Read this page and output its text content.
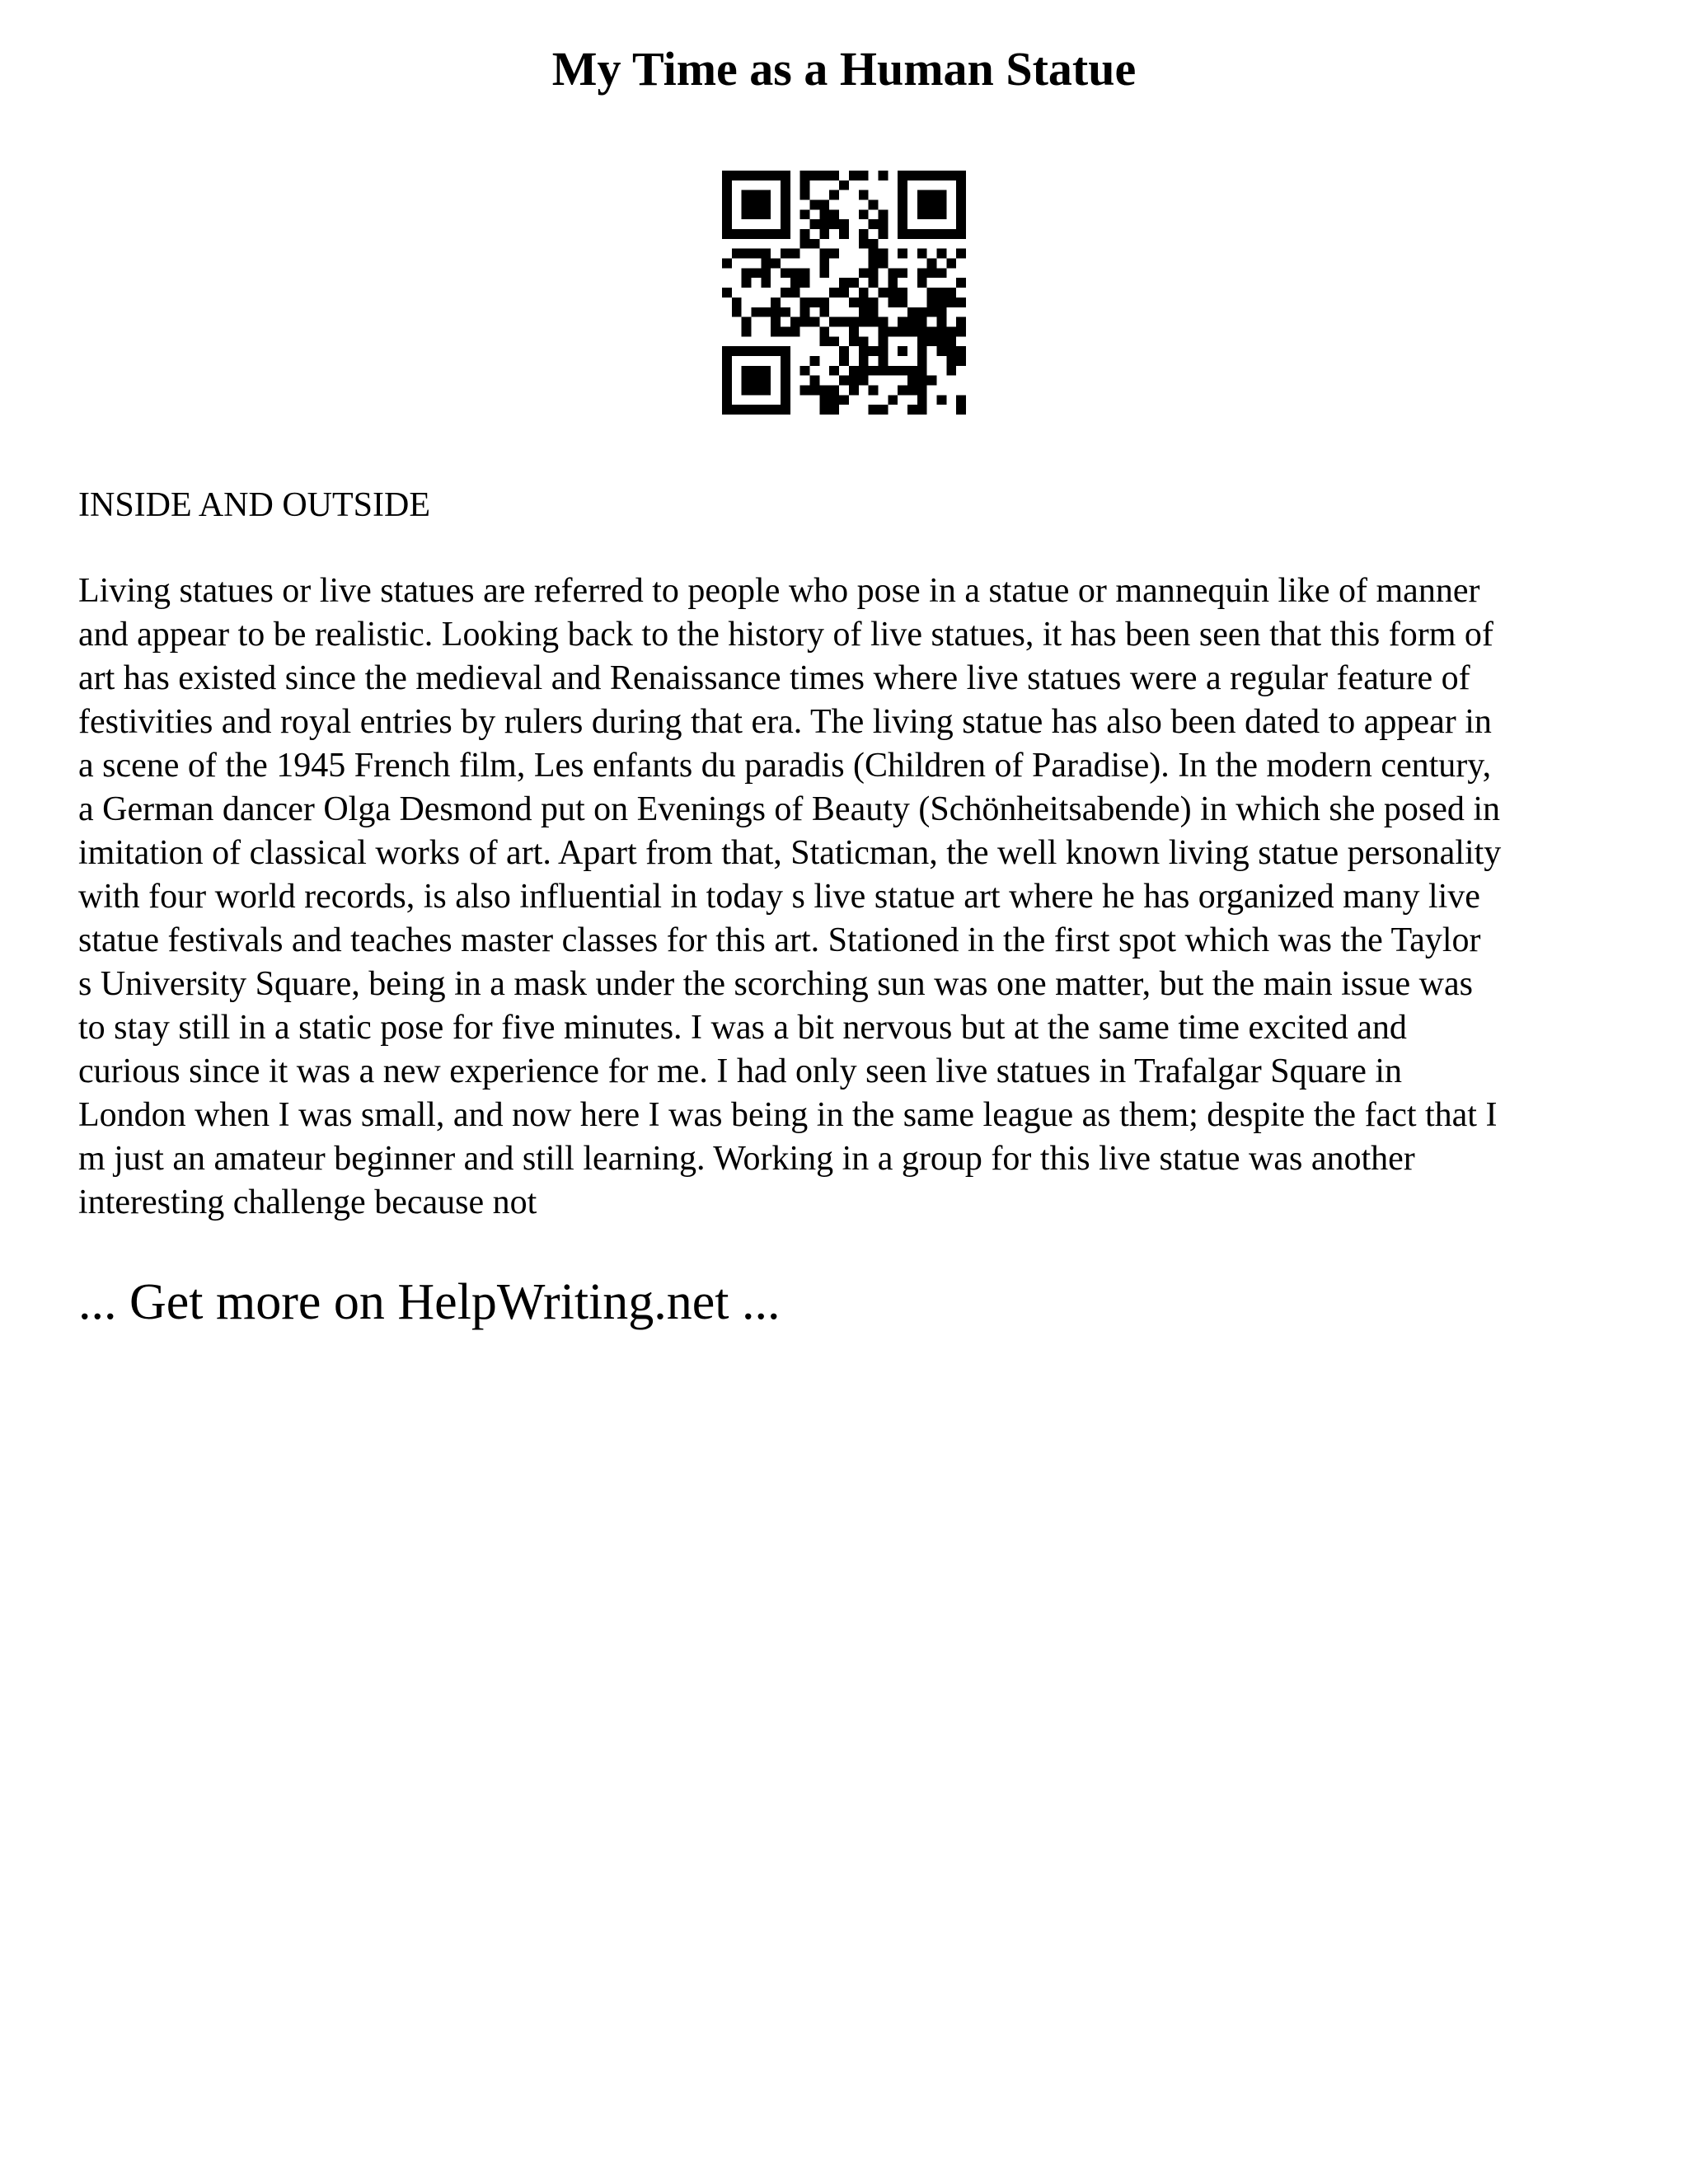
My Time as a Human Statue

INSIDE AND OUTSIDE

Living statues or live statues are referred to people who pose in a statue or mannequin like of manner
and appear to be realistic. Looking back to the history of live statues, it has been seen that this form of
art has existed since the medieval and Renaissance times where live statues were a regular feature of
festivities and royal entries by rulers during that era. The living statue has also been dated to appear in
a scene of the 1945 French film, Les enfants du paradis (Children of Paradise). In the modern century,
a German dancer Olga Desmond put on Evenings of Beauty (Schönheitsabende) in which she posed in
imitation of classical works of art. Apart from that, Staticman, the well known living statue personality
with four world records, is also influential in today s live statue art where he has organized many live
statue festivals and teaches master classes for this art. Stationed in the first spot which was the Taylor
s University Square, being in a mask under the scorching sun was one matter, but the main issue was
to stay still in a static pose for five minutes. I was a bit nervous but at the same time excited and
curious since it was a new experience for me. I had only seen live statues in Trafalgar Square in
London when I was small, and now here I was being in the same league as them; despite the fact that I
m just an amateur beginner and still learning. Working in a group for this live statue was another
interesting challenge because not

... Get more on HelpWriting.net ...
